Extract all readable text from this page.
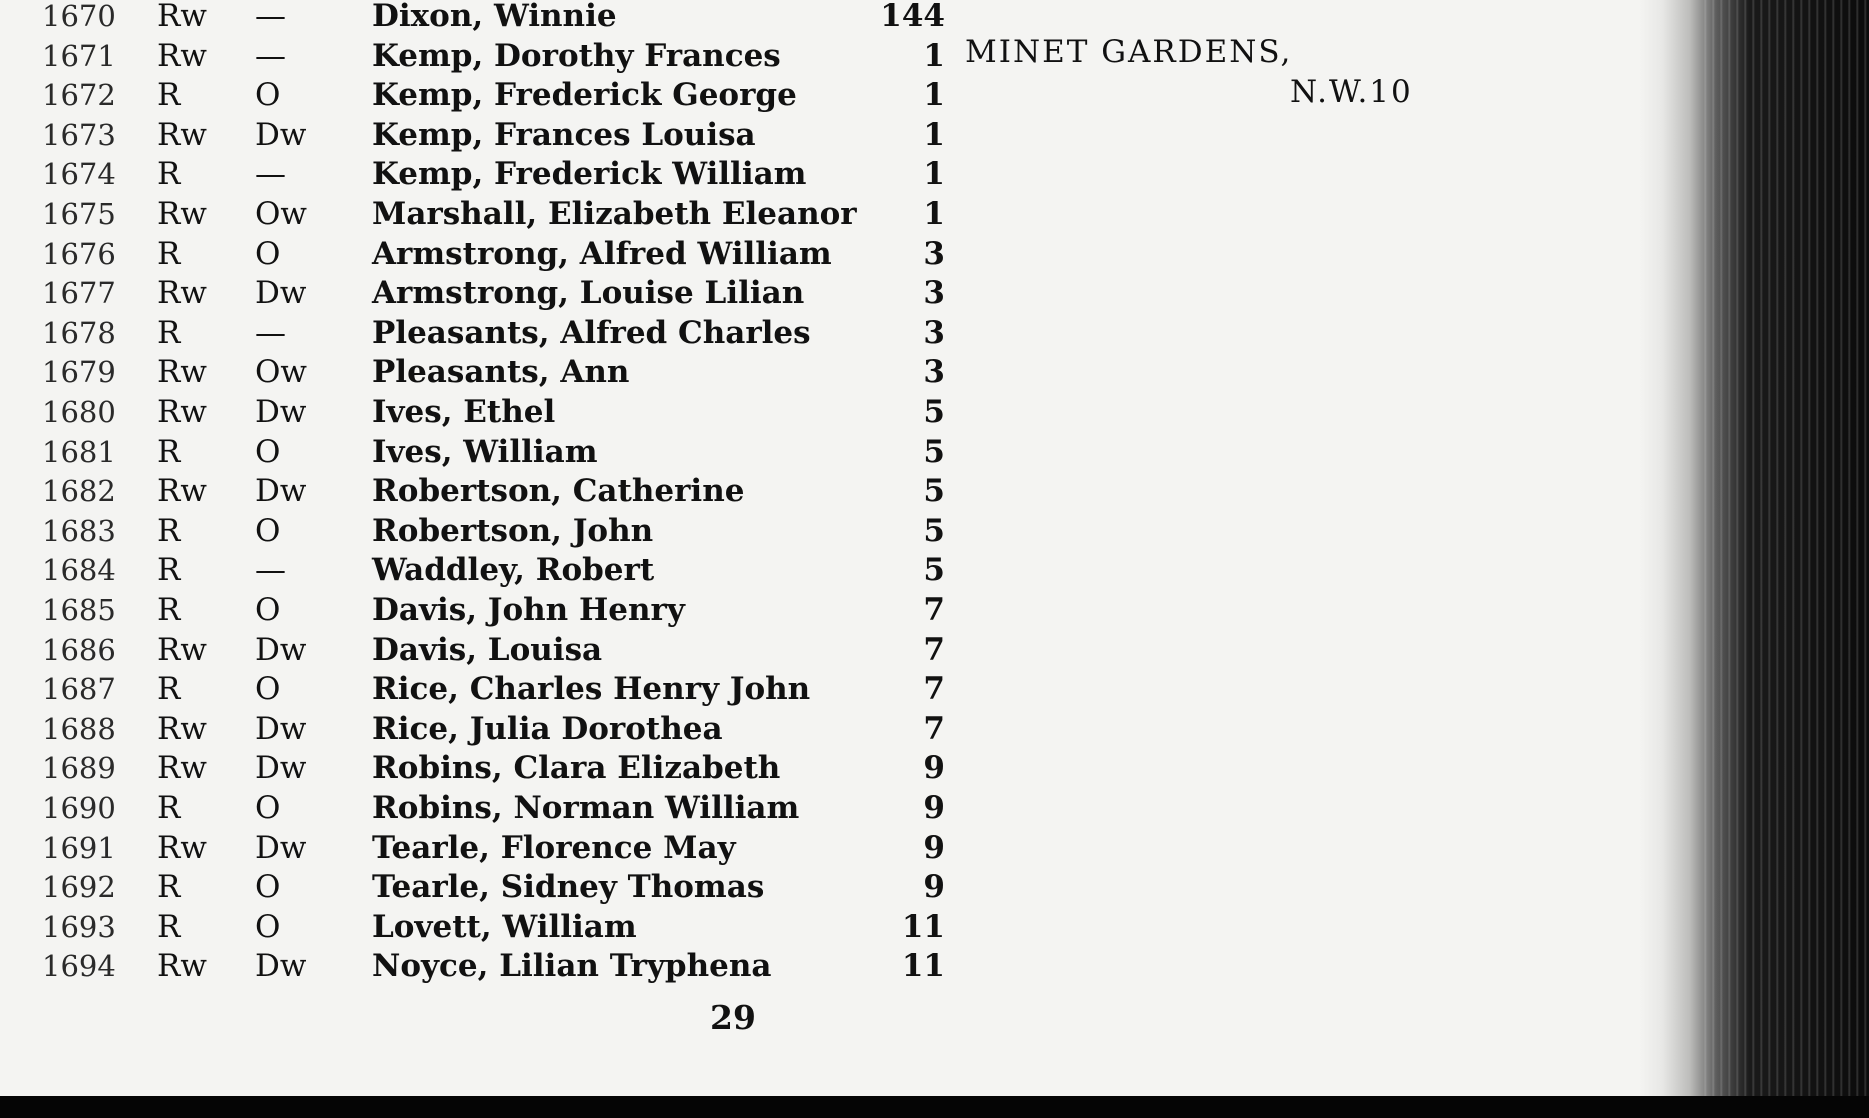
MINET GARDENS,
N.W.10
1670	Rw	—	Dixon, Winnie	144
1671	Rw	—	Kemp, Dorothy Frances	1
1672	R	O	Kemp, Frederick George	1
1673	Rw	Dw	Kemp, Frances Louisa	1
1674	R	—	Kemp, Frederick William	1
1675	Rw	Ow	Marshall, Elizabeth Eleanor	1
1676	R	O	Armstrong, Alfred William	3
1677	Rw	Dw	Armstrong, Louise Lilian	3
1678	R	—	Pleasants, Alfred Charles	3
1679	Rw	Ow	Pleasants, Ann	3
1680	Rw	Dw	Ives, Ethel	5
1681	R	O	Ives, William	5
1682	Rw	Dw	Robertson, Catherine	5
1683	R	O	Robertson, John	5
1684	R	—	Waddley, Robert	5
1685	R	O	Davis, John Henry	7
1686	Rw	Dw	Davis, Louisa	7
1687	R	O	Rice, Charles Henry John	7
1688	Rw	Dw	Rice, Julia Dorothea	7
1689	Rw	Dw	Robins, Clara Elizabeth	9
1690	R	O	Robins, Norman William	9
1691	Rw	Dw	Tearle, Florence May	9
1692	R	O	Tearle, Sidney Thomas	9
1693	R	O	Lovett, William	11
1694	Rw	Dw	Noyce, Lilian Tryphena	11
29
